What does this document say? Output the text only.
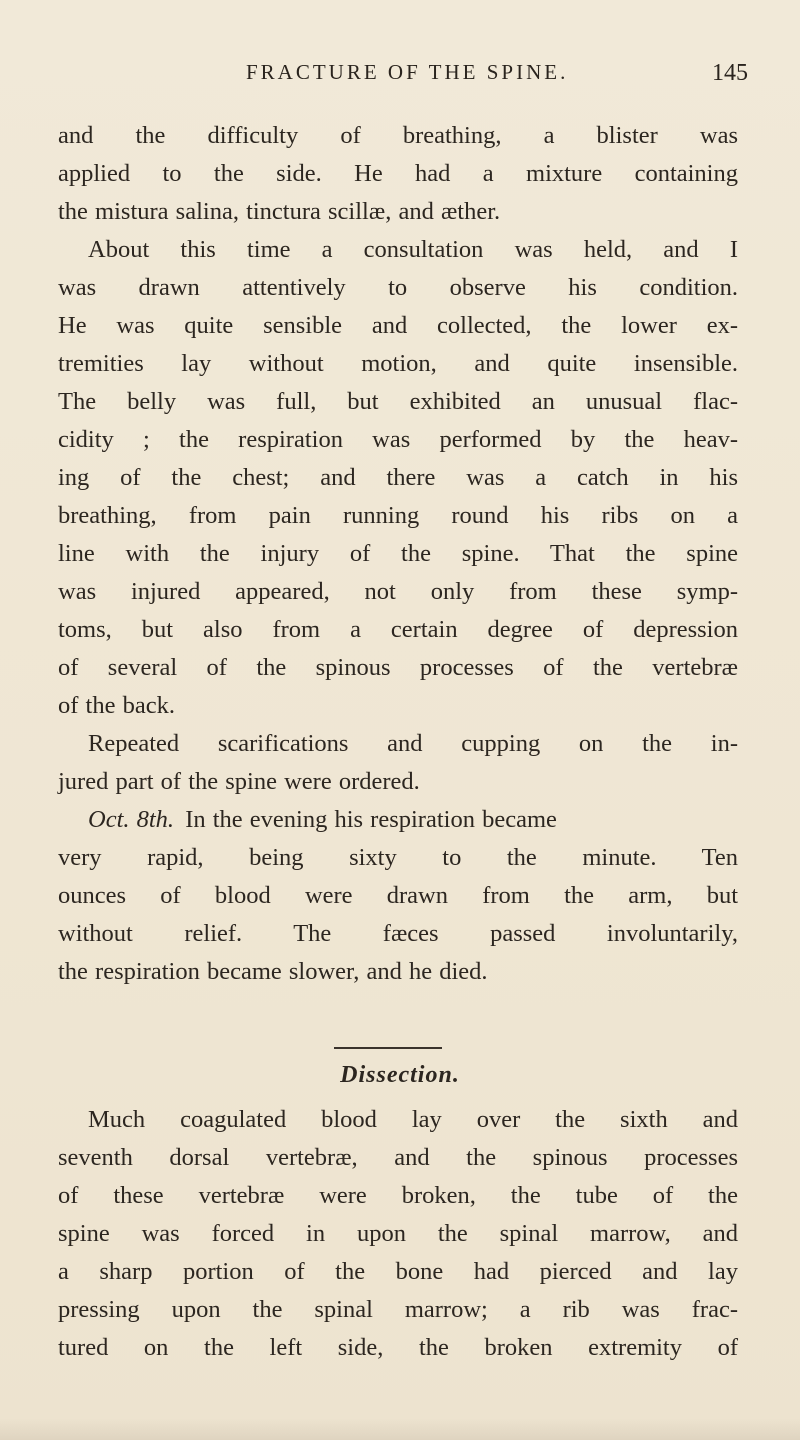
FRACTURE OF THE SPINE.	145
and the difficulty of breathing, a blister was
applied to the side. He had a mixture containing
the mistura salina, tinctura scillæ, and æther.
About this time a consultation was held, and I
was drawn attentively to observe his condition.
He was quite sensible and collected, the lower ex-
tremities lay without motion, and quite insensible.
The belly was full, but exhibited an unusual flac-
cidity ; the respiration was performed by the heav-
ing of the chest; and there was a catch in his
breathing, from pain running round his ribs on a
line with the injury of the spine. That the spine
was injured appeared, not only from these symp-
toms, but also from a certain degree of depression
of several of the spinous processes of the vertebræ
of the back.
Repeated scarifications and cupping on the in-
jured part of the spine were ordered.
Oct. 8th. In the evening his respiration became
very rapid, being sixty to the minute. Ten
ounces of blood were drawn from the arm, but
without relief. The fæces passed involuntarily,
the respiration became slower, and he died.
Dissection.
Much coagulated blood lay over the sixth and
seventh dorsal vertebræ, and the spinous processes
of these vertebræ were broken, the tube of the
spine was forced in upon the spinal marrow, and
a sharp portion of the bone had pierced and lay
pressing upon the spinal marrow; a rib was frac-
tured on the left side, the broken extremity of
